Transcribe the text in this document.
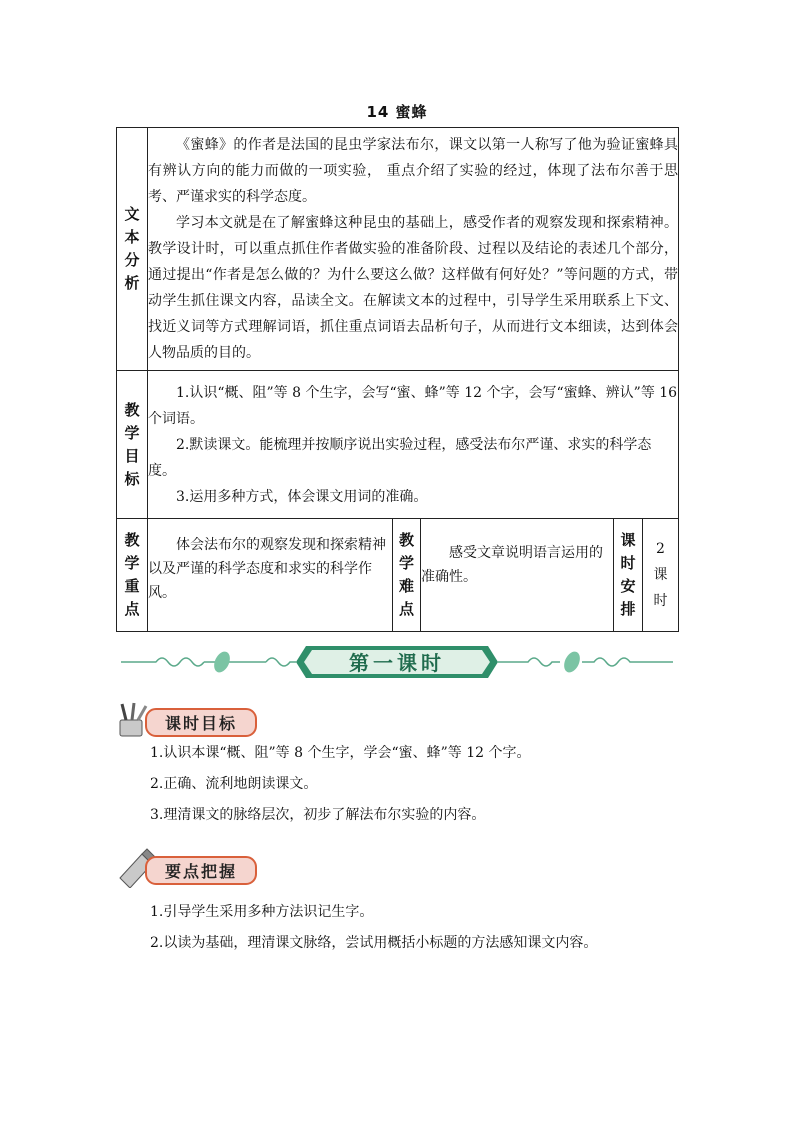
14 蜜蜂
文本分析	《蜜蜂》的作者是法国的昆虫学家法布尔，课文以第一人称写了他为验证蜜蜂具有辨认方向的能力而做的一项实验， 重点介绍了实验的经过，体现了法布尔善于思考、严谨求实的科学态度。

学习本文就是在了解蜜蜂这种昆虫的基础上，感受作者的观察发现和探索精神。教学设计时，可以重点抓住作者做实验的准备阶段、过程以及结论的表述几个部分，通过提出“作者是怎么做的？为什么要这么做？这样做有何好处？”等问题的方式，带动学生抓住课文内容，品读全文。在解读文本的过程中，引导学生采用联系上下文、找近义词等方式理解词语，抓住重点词语去品析句子，从而进行文本细读，达到体会人物品质的目的。				

教学目标	1.认识“概、阻”等 8 个生字，会写“蜜、蜂”等 12 个字，会写“蜜蜂、辨认”等 16 个词语。

2.默读课文。能梳理并按顺序说出实验过程，感受法布尔严谨、求实的科学态度。

3.运用多种方式，体会课文用词的准确。				

教学重点	体会法布尔的观察发现和探索精神以及严谨的科学态度和求实的科学作风。	教学难点	感受文章说明语言运用的准确性。	课时安排	2课时
第一课时
课时目标

1.认识本课“概、阻”等 8 个生字，学会“蜜、蜂”等 12 个字。

2.正确、流利地朗读课文。

3.理清课文的脉络层次，初步了解法布尔实验的内容。

要点把握

1.引导学生采用多种方法识记生字。

2.以读为基础，理清课文脉络，尝试用概括小标题的方法感知课文内容。
